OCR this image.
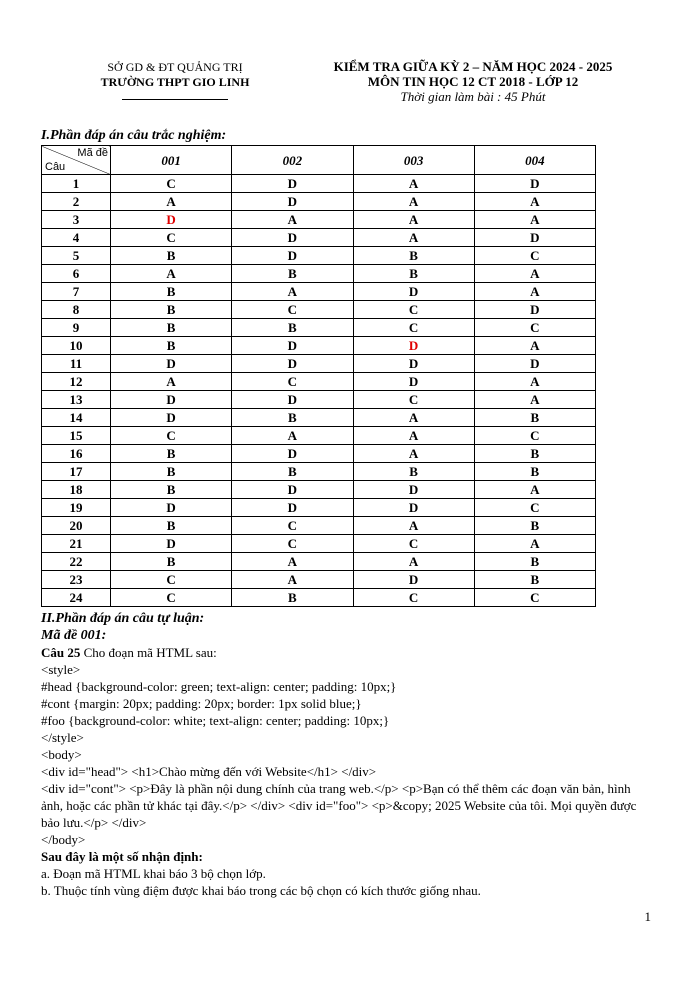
SỞ GD & ĐT QUẢNG TRỊ
TRƯỜNG THPT GIO LINH
KIỂM TRA GIỮA KỲ 2 – NĂM HỌC 2024 - 2025
MÔN TIN HỌC 12 CT 2018 - LỚP 12
Thời gian làm bài : 45 Phút
I.Phần đáp án câu trắc nghiệm:
Mã đề
Câu	001	002	003	004
1	C	D	A	D
2	A	D	A	A
3	D	A	A	A
4	C	D	A	D
5	B	D	B	C
6	A	B	B	A
7	B	A	D	A
8	B	C	C	D
9	B	B	C	C
10	B	D	D	A
11	D	D	D	D
12	A	C	D	A
13	D	D	C	A
14	D	B	A	B
15	C	A	A	C
16	B	D	A	B
17	B	B	B	B
18	B	D	D	A
19	D	D	D	C
20	B	C	A	B
21	D	C	C	A
22	B	A	A	B
23	C	A	D	B
24	C	B	C	C

II.Phần đáp án câu tự luận:

Mã đề 001:

Câu 25 Cho đoạn mã HTML sau:

<style>

#head {background-color: green; text-align: center; padding: 10px;}

#cont {margin: 20px; padding: 20px; border: 1px solid blue;}

#foo {background-color: white; text-align: center; padding: 10px;}

</style>

<body>

<div id="head"> <h1>Chào mừng đến với Website</h1> </div>

<div id="cont"> <p>Đây là phần nội dung chính của trang web.</p> <p>Bạn có thể thêm các đoạn văn bản, hình ảnh, hoặc các phần tử khác tại đây.</p> </div> <div id="foo"> <p>&copy; 2025 Website của tôi. Mọi quyền được bảo lưu.</p> </div>

</body>

Sau đây là một số nhận định:

a. Đoạn mã HTML khai báo 3 bộ chọn lớp.

b. Thuộc tính vùng điệm được khai báo trong các bộ chọn có kích thước giống nhau.

1
